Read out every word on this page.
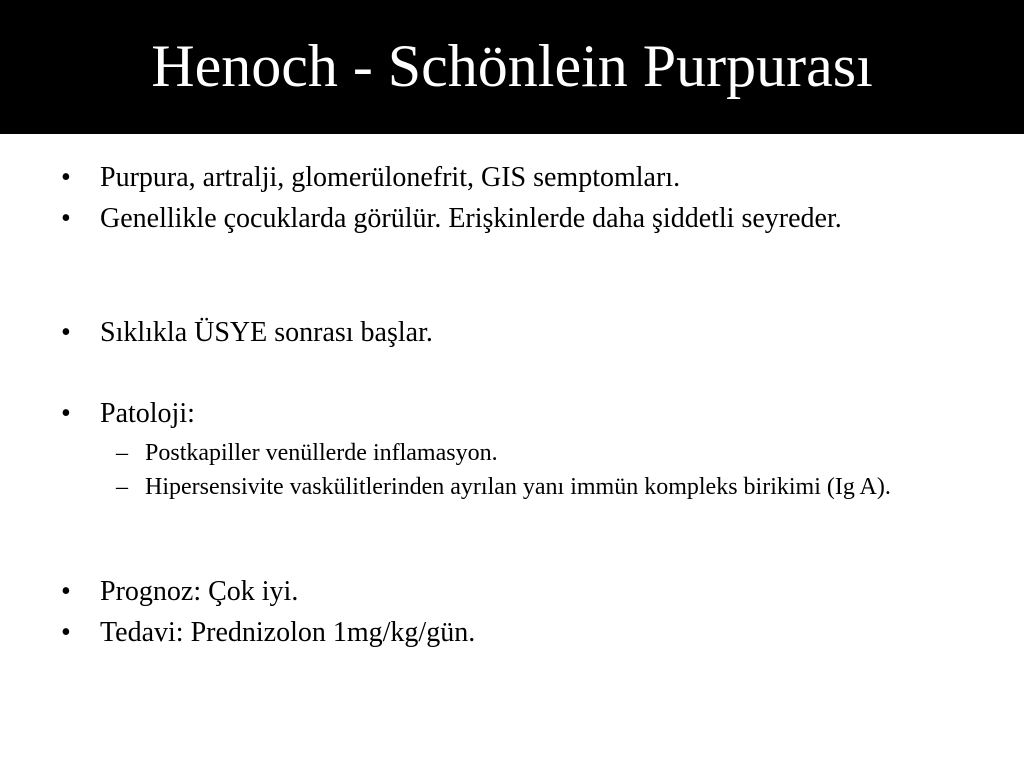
Henoch - Schönlein Purpurası
• Purpura, artralji, glomerülonefrit, GIS semptomları.
• Genellikle çocuklarda görülür. Erişkinlerde daha şiddetli seyreder.
• Sıklıkla ÜSYE sonrası başlar.
• Patoloji:
– Postkapiller venüllerde inflamasyon.
– Hipersensivite vaskülitlerinden ayrılan yanı immün kompleks birikimi (Ig A).
• Prognoz: Çok iyi.
• Tedavi: Prednizolon 1mg/kg/gün.
